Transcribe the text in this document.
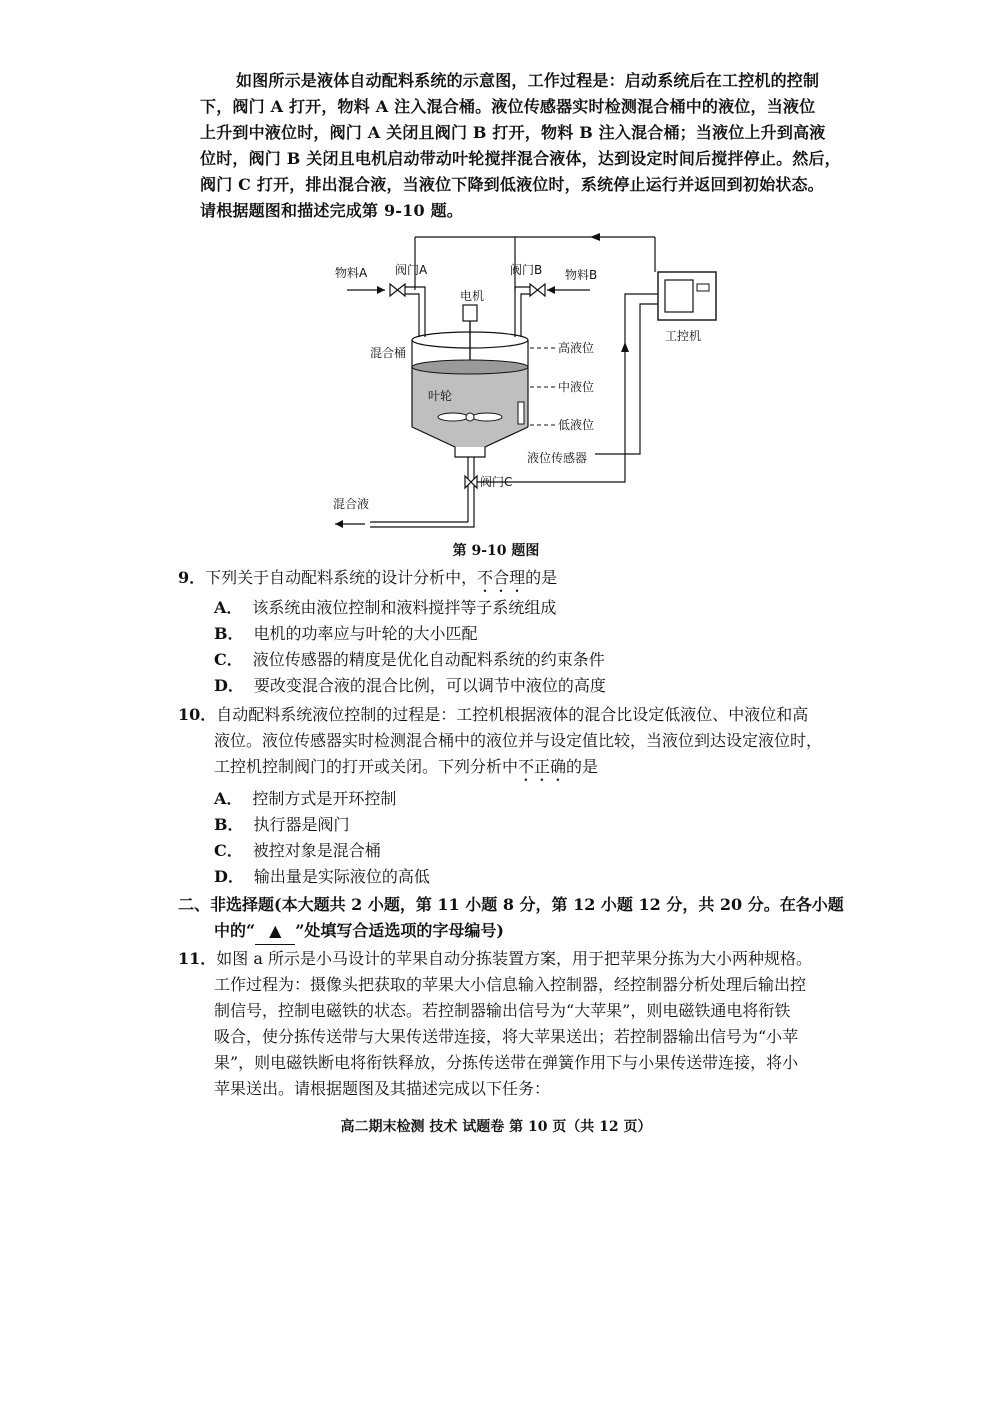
如图所示是液体自动配料系统的示意图，工作过程是：启动系统后在工控机的控制
下，阀门 A 打开，物料 A 注入混合桶。液位传感器实时检测混合桶中的液位，当液位
上升到中液位时，阀门 A 关闭且阀门 B 打开，物料 B 注入混合桶；当液位上升到高液
位时，阀门 B 关闭且电机启动带动叶轮搅拌混合液体，达到设定时间后搅拌停止。然后，
阀门 C 打开，排出混合液，当液位下降到低液位时，系统停止运行并返回到初始状态。
请根据题图和描述完成第 9-10 题。
工控机
物料A 阀门A	阀门B 物料B
电机
混合桶
叶轮
高液位
中液位
低液位
液位传感器
阀门C
混合液
第 9-10 题图
9．下列关于自动配料系统的设计分析中，不合理的是
A． 该系统由液位控制和液料搅拌等子系统组成
B． 电机的功率应与叶轮的大小匹配
C． 液位传感器的精度是优化自动配料系统的约束条件
D． 要改变混合液的混合比例，可以调节中液位的高度
10．自动配料系统液位控制的过程是：工控机根据液体的混合比设定低液位、中液位和高
液位。液位传感器实时检测混合桶中的液位并与设定值比较，当液位到达设定液位时，
工控机控制阀门的打开或关闭。下列分析中不正确的是
A． 控制方式是开环控制
B． 执行器是阀门
C． 被控对象是混合桶
D． 输出量是实际液位的高低
二、非选择题(本大题共 2 小题，第 11 小题 8 分，第 12 小题 12 分，共 20 分。在各小题
中的“ ▲ ”处填写合适选项的字母编号)
11．如图 a 所示是小马设计的苹果自动分拣装置方案，用于把苹果分拣为大小两种规格。
工作过程为：摄像头把获取的苹果大小信息输入控制器，经控制器分析处理后输出控
制信号，控制电磁铁的状态。若控制器输出信号为“大苹果”，则电磁铁通电将衔铁
吸合，使分拣传送带与大果传送带连接，将大苹果送出；若控制器输出信号为“小苹
果”，则电磁铁断电将衔铁释放，分拣传送带在弹簧作用下与小果传送带连接，将小
苹果送出。请根据题图及其描述完成以下任务：
高二期末检测 技术 试题卷 第 10 页（共 12 页）
